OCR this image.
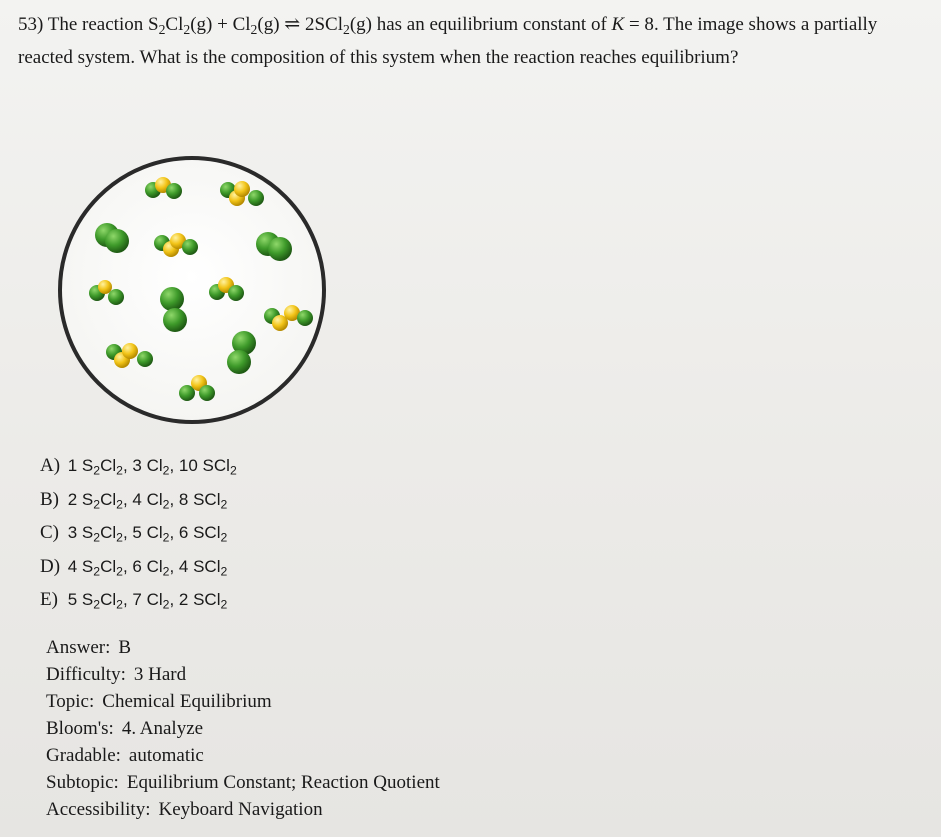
53) The reaction $S_2Cl_2(g) + Cl_2(g)$ ⇌ 2SCl$_2$(g) has an equilibrium constant of K = 8. The image shows a partially reacted system. What is the composition of this system when the reaction reaches equilibrium?
A) 1 $S_2Cl_2$, 3 $Cl_2$, 10 SCl$_2$
B) 2 $S_2Cl_2$, 4 $Cl_2$, 8 SCl$_2$
C) 3 $S_2Cl_2$, 5 $Cl_2$, 6 SCl$_2$
D) 4 $S_2Cl_2$, 6 $Cl_2$, 4 SCl$_2$
E) 5 $S_2Cl_2$, 7 $Cl_2$, 2 SCl$_2$
Answer: B
Difficulty: 3 Hard
Topic: Chemical Equilibrium
Bloom's: 4. Analyze
Gradable: automatic
Subtopic: Equilibrium Constant; Reaction Quotient
Accessibility: Keyboard Navigation
